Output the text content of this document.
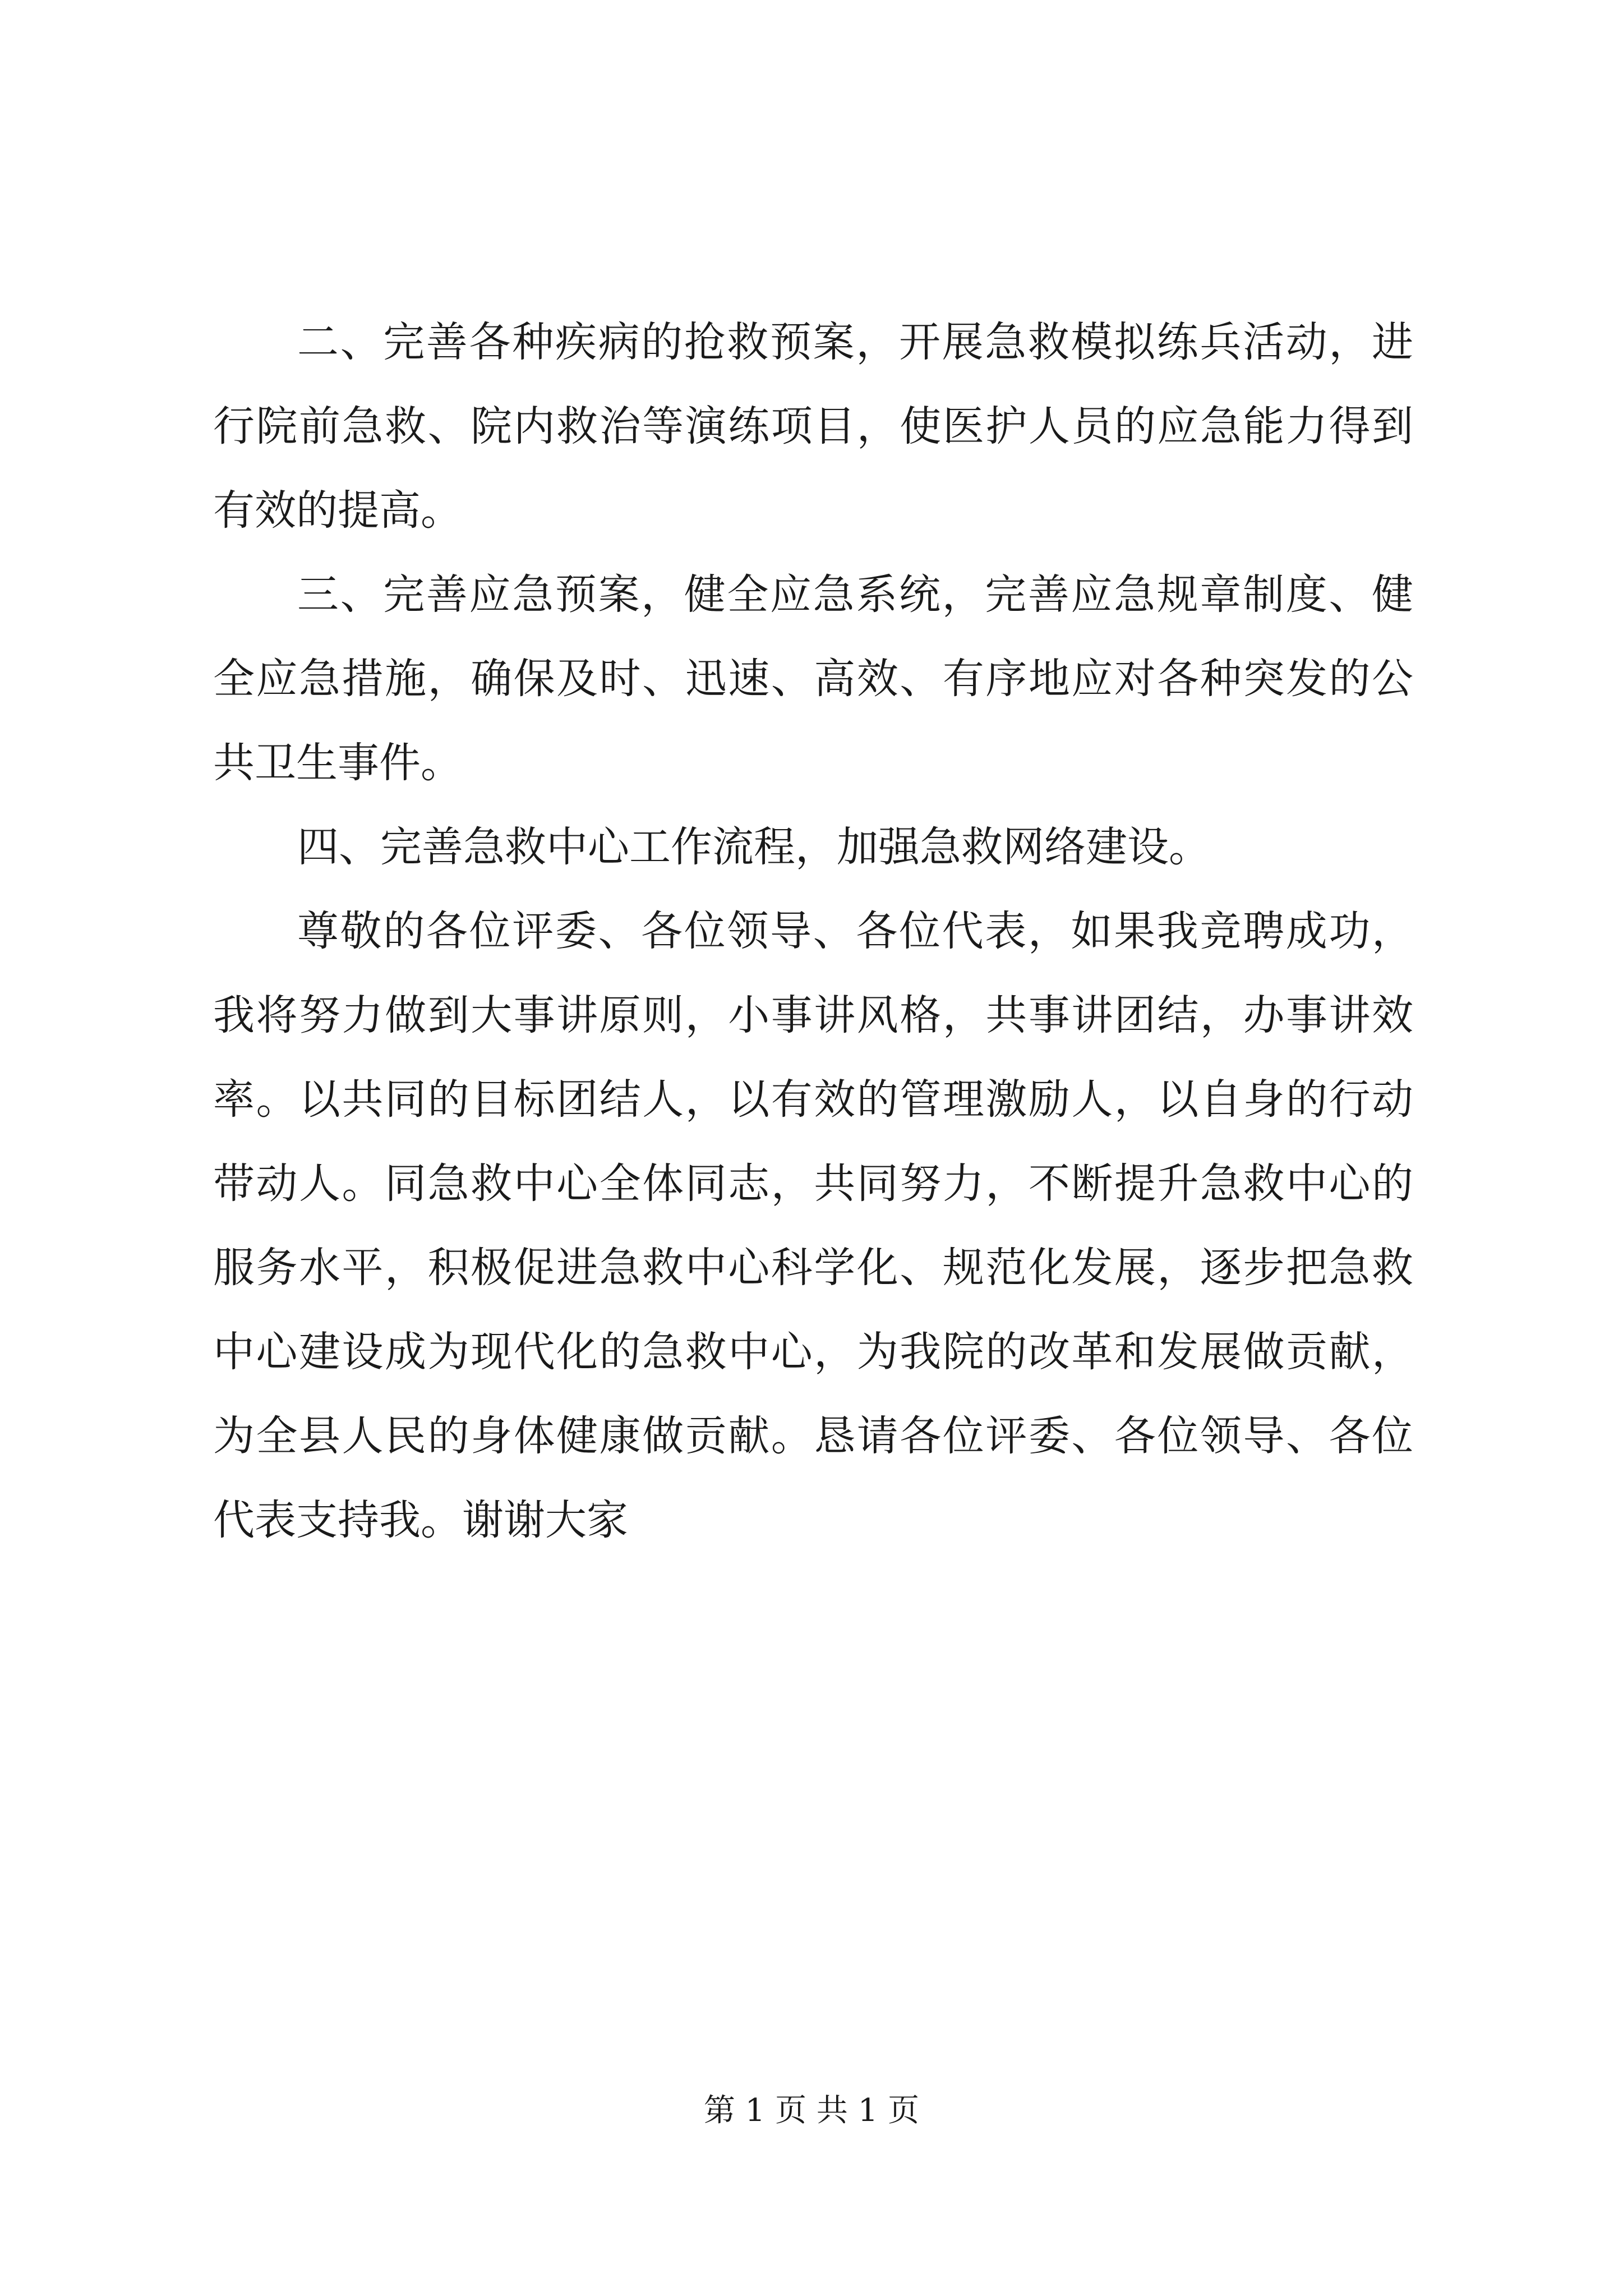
二、完善各种疾病的抢救预案，开展急救模拟练兵活动，进
行院前急救、院内救治等演练项目，使医护人员的应急能力得到
有效的提高。
三、完善应急预案，健全应急系统，完善应急规章制度、健
全应急措施，确保及时、迅速、高效、有序地应对各种突发的公
共卫生事件。
四、完善急救中心工作流程，加强急救网络建设。
尊敬的各位评委、各位领导、各位代表，如果我竞聘成功，
我将努力做到大事讲原则，小事讲风格，共事讲团结，办事讲效
率。以共同的目标团结人，以有效的管理激励人，以自身的行动
带动人。同急救中心全体同志，共同努力，不断提升急救中心的
服务水平，积极促进急救中心科学化、规范化发展，逐步把急救
中心建设成为现代化的急救中心，为我院的改革和发展做贡献，
为全县人民的身体健康做贡献。恳请各位评委、各位领导、各位
代表支持我。谢谢大家
第 1 页 共 1 页
